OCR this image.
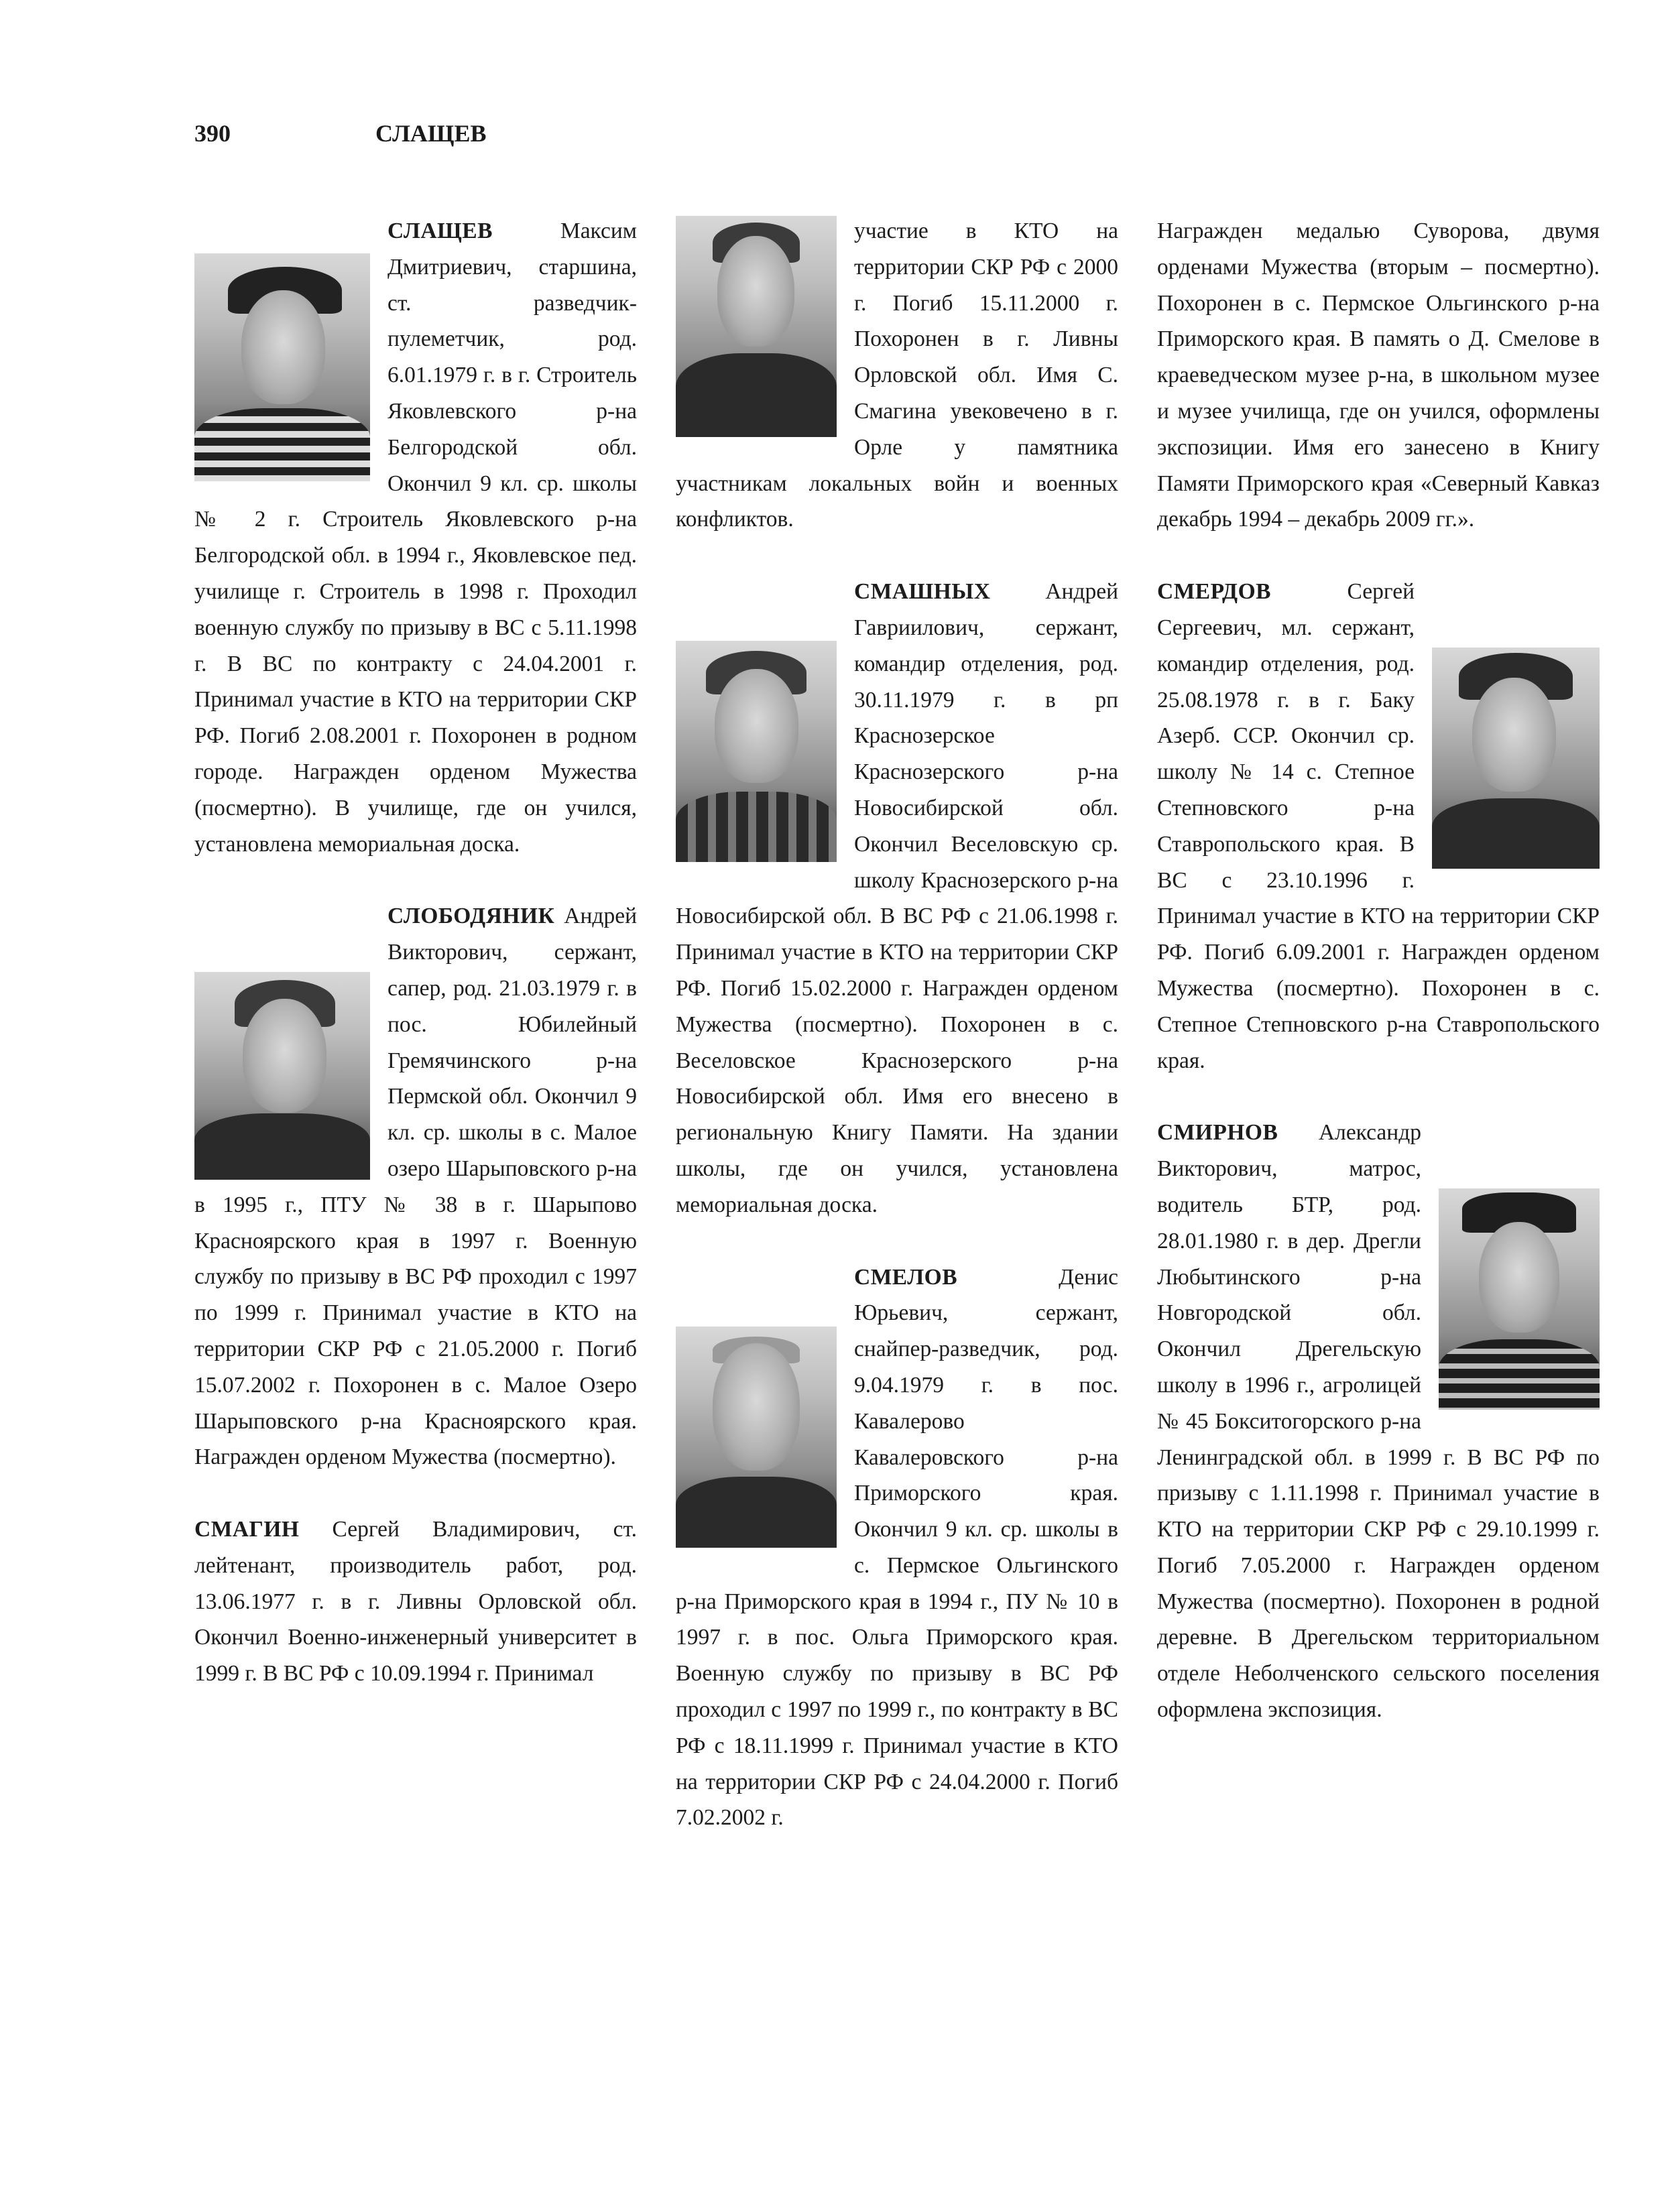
390	СЛАЩЕВ
СЛАЩЕВ Максим Дмитриевич, старшина, ст. разведчик-пулеметчик, род. 6.01.1979 г. в г. Строитель Яковлевского р-на Белгородской обл. Окончил 9 кл. ср. школы № 2 г. Строитель Яковлевского р-на Белгородской обл. в 1994 г., Яковлевское пед. училище г. Строитель в 1998 г. Проходил военную службу по призыву в ВС с 5.11.1998 г. В ВС по контракту с 24.04.2001 г. Принимал участие в КТО на территории СКР РФ. Погиб 2.08.2001 г. Похоронен в родном городе. Награжден орденом Мужества (посмертно). В училище, где он учился, установлена мемориальная доска.
СЛОБОДЯНИК Андрей Викторович, сержант, сапер, род. 21.03.1979 г. в пос. Юбилейный Гремячинского р-на Пермской обл. Окончил 9 кл. ср. школы в с. Малое озеро Шарыповского р-на в 1995 г., ПТУ № 38 в г. Шарыпово Красноярского края в 1997 г. Военную службу по призыву в ВС РФ проходил с 1997 по 1999 г. Принимал участие в КТО на территории СКР РФ с 21.05.2000 г. Погиб 15.07.2002 г. Похоронен в с. Малое Озеро Шарыповского р-на Красноярского края. Награжден орденом Мужества (посмертно).
СМАГИН Сергей Владимирович, ст. лейтенант, производитель работ, род. 13.06.1977 г. в г. Ливны Орловской обл. Окончил Военно-инженерный университет в 1999 г. В ВС РФ с 10.09.1994 г. Принимал
участие в КТО на территории СКР РФ с 2000 г. Погиб 15.11.2000 г. Похоронен в г. Ливны Орловской обл. Имя С. Смагина увековечено в г. Орле у памятника участникам локальных войн и военных конфликтов.
СМАШНЫХ Андрей Гавриилович, сержант, командир отделения, род. 30.11.1979 г. в рп Краснозерское Краснозерского р-на Новосибирской обл. Окончил Веселовскую ср. школу Краснозерского р-на Новосибирской обл. В ВС РФ с 21.06.1998 г. Принимал участие в КТО на территории СКР РФ. Погиб 15.02.2000 г. Награжден орденом Мужества (посмертно). Похоронен в с. Веселовское Краснозерского р-на Новосибирской обл. Имя его внесено в региональную Книгу Памяти. На здании школы, где он учился, установлена мемориальная доска.
СМЕЛОВ Денис Юрьевич, сержант, снайпер-разведчик, род. 9.04.1979 г. в пос. Кавалерово Кавалеровского р-на Приморского края. Окончил 9 кл. ср. школы в с. Пермское Ольгинского р-на Приморского края в 1994 г., ПУ № 10 в 1997 г. в пос. Ольга Приморского края. Военную службу по призыву в ВС РФ проходил с 1997 по 1999 г., по контракту в ВС РФ с 18.11.1999 г. Принимал участие в КТО на территории СКР РФ с 24.04.2000 г. Погиб 7.02.2002 г.
Награжден медалью Суворова, двумя орденами Мужества (вторым – посмертно). Похоронен в с. Пермское Ольгинского р-на Приморского края. В память о Д. Смелове в краеведческом музее р-на, в школьном музее и музее училища, где он учился, оформлены экспозиции. Имя его занесено в Книгу Памяти Приморского края «Северный Кавказ декабрь 1994 – декабрь 2009 гг.».
СМЕРДОВ Сергей Сергеевич, мл. сержант, командир отделения, род. 25.08.1978 г. в г. Баку Азерб. ССР. Окончил ср. школу № 14 с. Степное Степновского р-на Ставропольского края. В ВС с 23.10.1996 г. Принимал участие в КТО на территории СКР РФ. Погиб 6.09.2001 г. Награжден орденом Мужества (посмертно). Похоронен в с. Степное Степновского р-на Ставропольского края.
СМИРНОВ Александр Викторович, матрос, водитель БТР, род. 28.01.1980 г. в дер. Дрегли Любытинского р-на Новгородской обл. Окончил Дрегельскую школу в 1996 г., агролицей № 45 Бокситогорского р-на Ленинградской обл. в 1999 г. В ВС РФ по призыву с 1.11.1998 г. Принимал участие в КТО на территории СКР РФ с 29.10.1999 г. Погиб 7.05.2000 г. Награжден орденом Мужества (посмертно). Похоронен в родной деревне. В Дрегельском территориальном отделе Неболченского сельского поселения оформлена экспозиция.
